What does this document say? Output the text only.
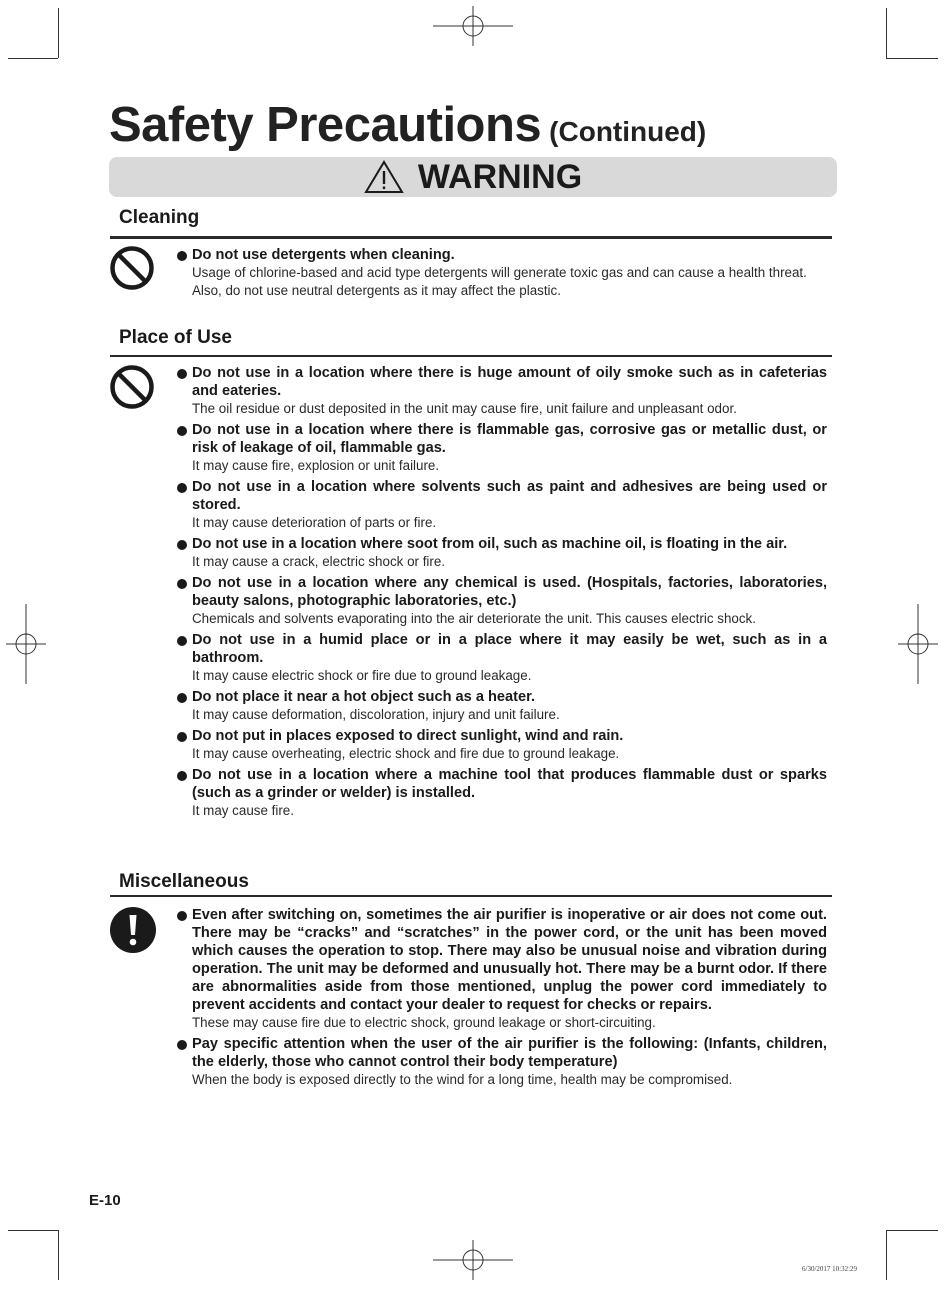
Safety Precautions (Continued)
WARNING
Cleaning
Do not use detergents when cleaning.
Usage of chlorine-based and acid type detergents will generate toxic gas and can cause a health threat. Also, do not use neutral detergents as it may affect the plastic.
Place of Use
Do not use in a location where there is huge amount of oily smoke such as in cafeterias and eateries.
The oil residue or dust deposited in the unit may cause fire, unit failure and unpleasant odor.
Do not use in a location where there is flammable gas, corrosive gas or metallic dust, or risk of leakage of oil, flammable gas.
It may cause fire, explosion or unit failure.
Do not use in a location where solvents such as paint and adhesives are being used or stored.
It may cause deterioration of parts or fire.
Do not use in a location where soot from oil, such as machine oil, is floating in the air.
It may cause a crack, electric shock or fire.
Do not use in a location where any chemical is used. (Hospitals, factories, laboratories, beauty salons, photographic laboratories, etc.)
Chemicals and solvents evaporating into the air deteriorate the unit. This causes electric shock.
Do not use in a humid place or in a place where it may easily be wet, such as in a bathroom.
It may cause electric shock or fire due to ground leakage.
Do not place it near a hot object such as a heater.
It may cause deformation, discoloration, injury and unit failure.
Do not put in places exposed to direct sunlight, wind and rain.
It may cause overheating, electric shock and fire due to ground leakage.
Do not use in a location where a machine tool that produces flammable dust or sparks (such as a grinder or welder) is installed.
It may cause fire.
Miscellaneous
Even after switching on, sometimes the air purifier is inoperative or air does not come out. There may be “cracks” and “scratches” in the power cord, or the unit has been moved which causes the operation to stop. There may also be unusual noise and vibration during operation. The unit may be deformed and unusually hot. There may be a burnt odor. If there are abnormalities aside from those mentioned, unplug the power cord immediately to prevent accidents and contact your dealer to request for checks or repairs.
These may cause fire due to electric shock, ground leakage or short-circuiting.
Pay specific attention when the user of the air purifier is the following: (Infants, children, the elderly, those who cannot control their body temperature)
When the body is exposed directly to the wind for a long time, health may be compromised.
E-10
6/30/2017 10:32:29
